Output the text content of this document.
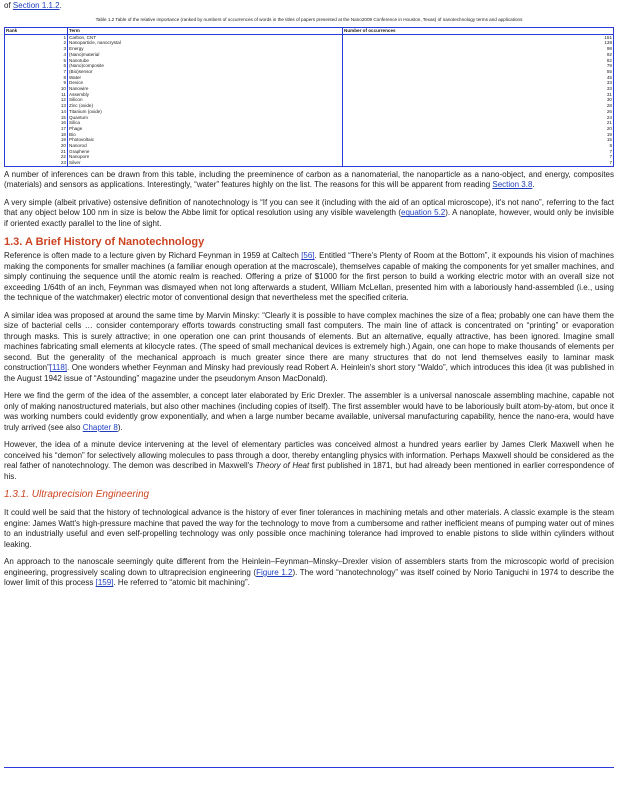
of Section 1.1.2.
Table 1.2 Table of the relative importance (ranked by numbers of occurrences of words in the titles of papers presented at the Nano2009 Conference in Houston, Texas) of nanotechnology terms and applications
Rank	Term	Number of occurrences
1	Carbon, CNT	151
2	Nanoparticle, nanocrystal	138
3	Energy	98
4	(Nano)material	92
5	Nanotube	82
6	(Nano)composite	79
7	(Bio)sensor	55
8	Water	45
9	Device	33
10	Nanowire	33
11	Assembly	31
12	Silicon	30
13	Zinc (oxide)	28
14	Titanium (oxide)	26
15	Quantum	24
16	Silica	21
17	Phage	20
18	Bio	19
19	Photovoltaic	15
20	Nanorod	8
21	Graphene	7
22	Nanopore	7
23	Silver	7

A number of inferences can be drawn from this table, including the preeminence of carbon as a nanomaterial, the nanoparticle as a nano-object, and energy, composites (materials) and sensors as applications. Interestingly, “water” features highly on the list. The reasons for this will be apparent from reading Section 3.8.

A very simple (albeit privative) ostensive definition of nanotechnology is “If you can see it (including with the aid of an optical microscope), it's not nano”, referring to the fact that any object below 100 nm in size is below the Abbe limit for optical resolution using any visible wavelength (equation 5.2). A nanoplate, however, would only be invisible if oriented exactly parallel to the line of sight.

1.3. A Brief History of Nanotechnology

Reference is often made to a lecture given by Richard Feynman in 1959 at Caltech [56]. Entitled “There's Plenty of Room at the Bottom”, it expounds his vision of machines making the components for smaller machines (a familiar enough operation at the macroscale), themselves capable of making the components for yet smaller machines, and simply continuing the sequence until the atomic realm is reached. Offering a prize of $1000 for the first person to build a working electric motor with an overall size not exceeding 1/64th of an inch, Feynman was dismayed when not long afterwards a student, William McLellan, presented him with a laboriously hand-assembled (i.e., using the technique of the watchmaker) electric motor of conventional design that nevertheless met the specified criteria.

A similar idea was proposed at around the same time by Marvin Minsky: “Clearly it is possible to have complex machines the size of a flea; probably one can have them the size of bacterial cells … consider contemporary efforts towards constructing small fast computers. The main line of attack is concentrated on “printing” or evaporation through masks. This is surely attractive; in one operation one can print thousands of elements. But an alternative, equally attractive, has been ignored. Imagine small machines fabricating small elements at kilocycle rates. (The speed of small mechanical devices is extremely high.) Again, one can hope to make thousands of elements per second. But the generality of the mechanical approach is much greater since there are many structures that do not lend themselves easily to laminar mask construction”[118]. One wonders whether Feynman and Minsky had previously read Robert A. Heinlein's short story “Waldo”, which introduces this idea (it was published in the August 1942 issue of “Astounding” magazine under the pseudonym Anson MacDonald).

Here we find the germ of the idea of the assembler, a concept later elaborated by Eric Drexler. The assembler is a universal nanoscale assembling machine, capable not only of making nanostructured materials, but also other machines (including copies of itself). The first assembler would have to be laboriously built atom-by-atom, but once it was working numbers could evidently grow exponentially, and when a large number became available, universal manufacturing capability, hence the nano-era, would have truly arrived (see also Chapter 8).

However, the idea of a minute device intervening at the level of elementary particles was conceived almost a hundred years earlier by James Clerk Maxwell when he conceived his “demon” for selectively allowing molecules to pass through a door, thereby entangling physics with information. Perhaps Maxwell should be considered as the real father of nanotechnology. The demon was described in Maxwell's Theory of Heat first published in 1871, but had already been mentioned in earlier correspondence of his.

1.3.1. Ultraprecision Engineering

It could well be said that the history of technological advance is the history of ever finer tolerances in machining metals and other materials. A classic example is the steam engine: James Watt's high-pressure machine that paved the way for the technology to move from a cumbersome and rather inefficient means of pumping water out of mines to an industrially useful and even self-propelling technology was only possible once machining tolerance had improved to enable pistons to slide within cylinders without leaking.

An approach to the nanoscale seemingly quite different from the Heinlein–Feynman–Minsky–Drexler vision of assemblers starts from the microscopic world of precision engineering, progressively scaling down to ultraprecision engineering (Figure 1.2). The word “nanotechnology” was itself coined by Norio Taniguchi in 1974 to describe the lower limit of this process [159]. He referred to “atomic bit machining”.
